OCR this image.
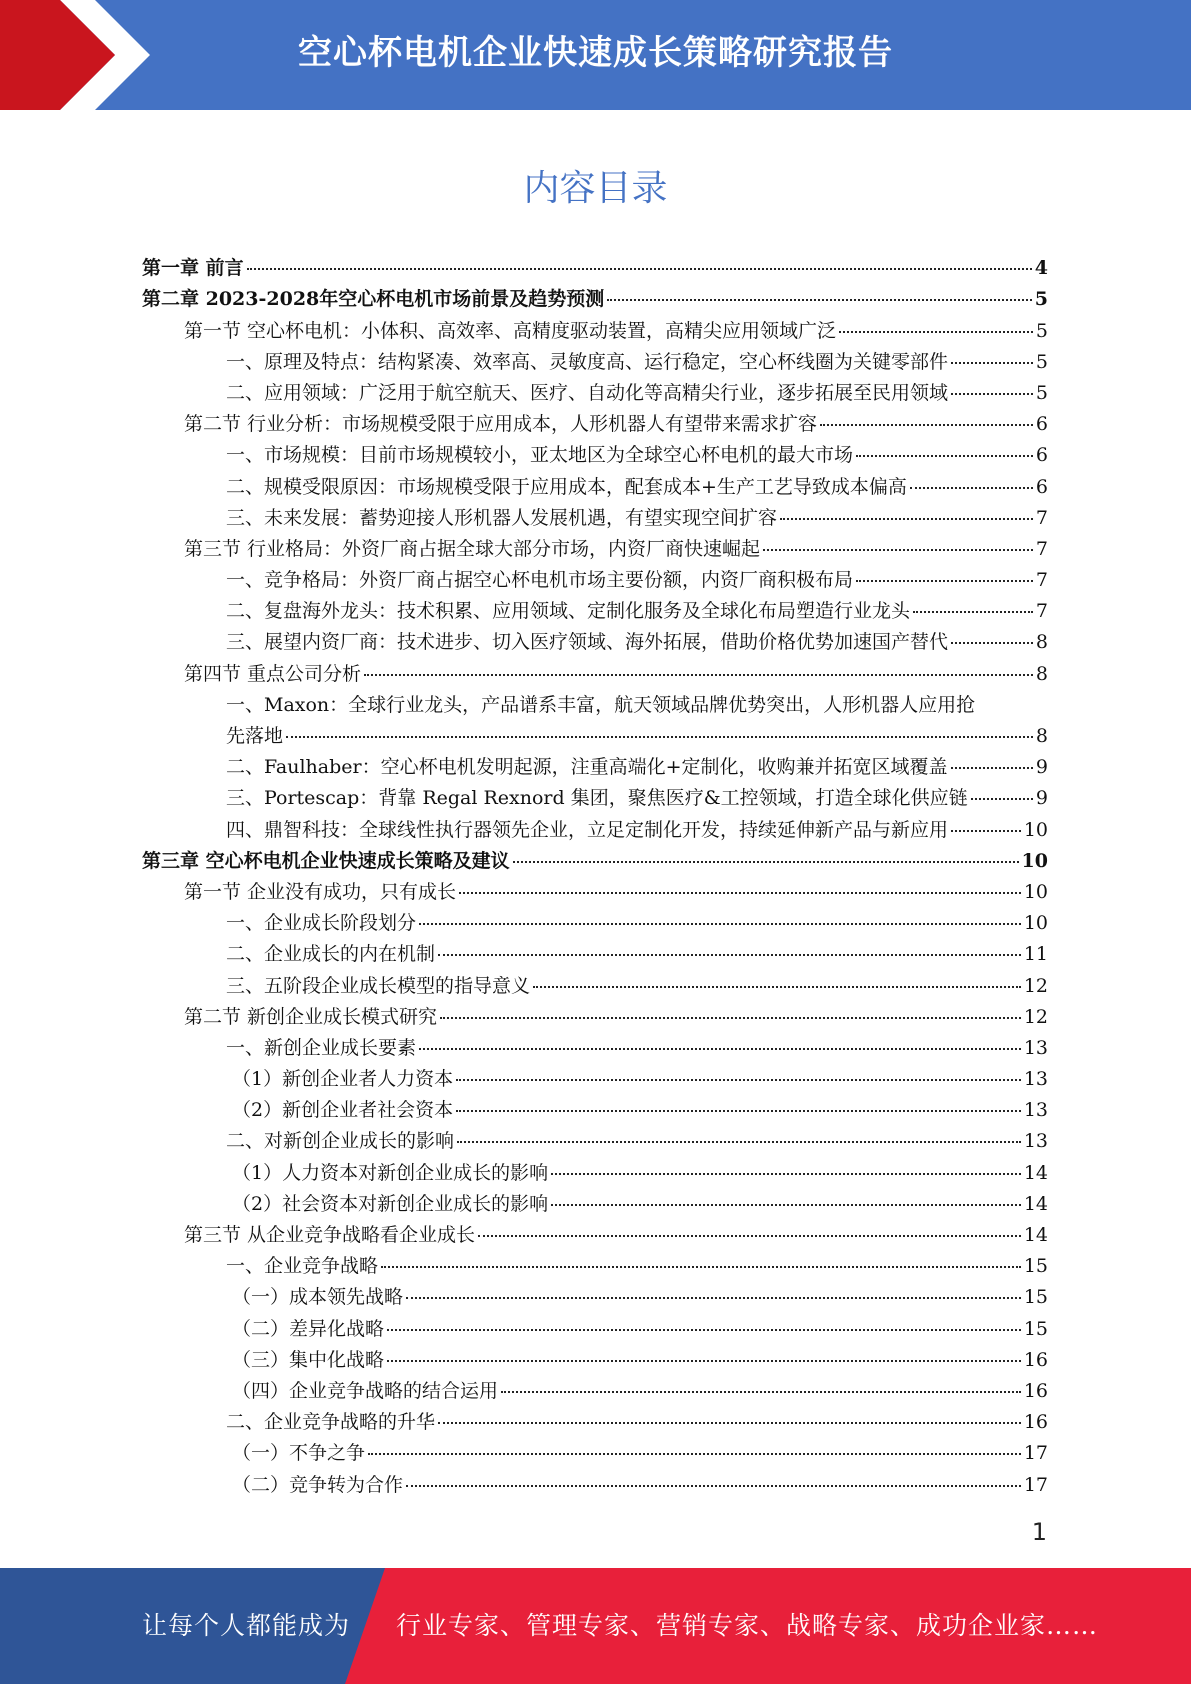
空心杯电机企业快速成长策略研究报告
内容目录
第一章 前言	4
第二章 2023-2028年空心杯电机市场前景及趋势预测	5
第一节 空心杯电机：小体积、高效率、高精度驱动装置，高精尖应用领域广泛	5
一、原理及特点：结构紧凑、效率高、灵敏度高、运行稳定，空心杯线圈为关键零部件	5
二、应用领域：广泛用于航空航天、医疗、自动化等高精尖行业，逐步拓展至民用领域	5
第二节 行业分析：市场规模受限于应用成本，人形机器人有望带来需求扩容	6
一、市场规模：目前市场规模较小，亚太地区为全球空心杯电机的最大市场	6
二、规模受限原因：市场规模受限于应用成本，配套成本+生产工艺导致成本偏高	6
三、未来发展：蓄势迎接人形机器人发展机遇，有望实现空间扩容	7
第三节 行业格局：外资厂商占据全球大部分市场，内资厂商快速崛起	7
一、竞争格局：外资厂商占据空心杯电机市场主要份额，内资厂商积极布局	7
二、复盘海外龙头：技术积累、应用领域、定制化服务及全球化布局塑造行业龙头	7
三、展望内资厂商：技术进步、切入医疗领域、海外拓展，借助价格优势加速国产替代	8
第四节 重点公司分析	8
一、Maxon：全球行业龙头，产品谱系丰富，航天领域品牌优势突出，人形机器人应用抢
先落地	8
二、Faulhaber：空心杯电机发明起源，注重高端化+定制化，收购兼并拓宽区域覆盖	9
三、Portescap：背靠 Regal Rexnord 集团，聚焦医疗&工控领域，打造全球化供应链	9
四、鼎智科技：全球线性执行器领先企业，立足定制化开发，持续延伸新产品与新应用	10
第三章 空心杯电机企业快速成长策略及建议	10
第一节 企业没有成功，只有成长	10
一、企业成长阶段划分	10
二、企业成长的内在机制	11
三、五阶段企业成长模型的指导意义	12
第二节 新创企业成长模式研究	12
一、新创企业成长要素	13
（1）新创企业者人力资本	13
（2）新创企业者社会资本	13
二、对新创企业成长的影响	13
（1）人力资本对新创企业成长的影响	14
（2）社会资本对新创企业成长的影响	14
第三节 从企业竞争战略看企业成长	14
一、企业竞争战略	15
（一）成本领先战略	15
（二）差异化战略	15
（三）集中化战略	16
（四）企业竞争战略的结合运用	16
二、企业竞争战略的升华	16
（一）不争之争	17
（二）竞争转为合作	17
1
让每个人都能成为 行业专家、管理专家、营销专家、战略专家、成功企业家……
